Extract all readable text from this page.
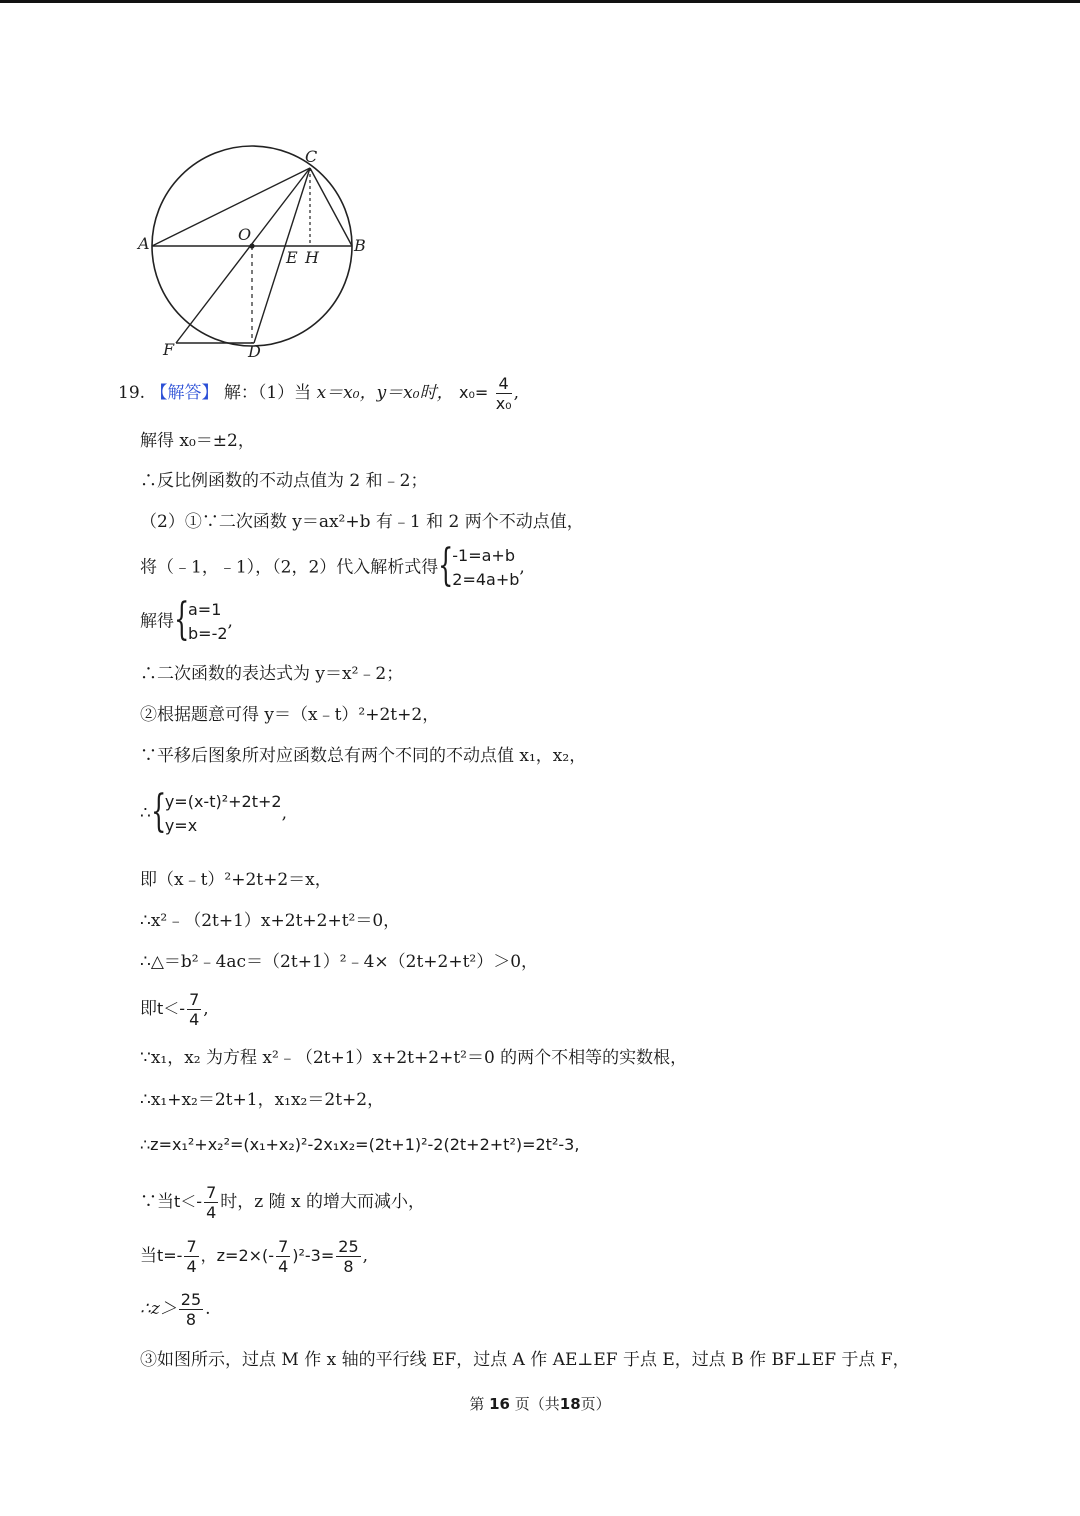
C
A	B
O
E H
F	D
19. 【解答】 解：（1）当 x＝x₀，y＝x₀时， $x_0= \frac{4}{\text{x₀}}$ ,
解得 x₀＝±2，
∴反比例函数的不动点值为 2 和﹣2；
（2）①∵二次函数 y＝ax²+b 有﹣1 和 2 两个不动点值，
将（﹣1，﹣1），（2，2）代入解析式得 {
-1=a+b
2=4a+b
,
解得 {
a=1
b=-2
,
∴二次函数的表达式为 y＝x²﹣2；
②根据题意可得 y＝（x﹣t）²+2t+2，
∵平移后图象所对应函数总有两个不同的不动点值 x₁，x₂，
∴ {
y=(x-t)²+2t+2
y=x
,
即（x﹣t）²+2t+2＝x，
∴x²﹣（2t+1）x+2t+2+t²＝0，
∴△＝b²﹣4ac＝（2t+1）²﹣4×（2t+2+t²）＞0，
即$t<- \frac{7}{4}$ ,
∵x₁，x₂ 为方程 x²﹣（2t+1）x+2t+2+t²＝0 的两个不相等的实数根，
∴x₁+x₂＝2t+1，x₁x₂＝2t+2，
∴z=x₁²+x₂²=(x₁+x₂)²-2x₁x₂=(2t+1)²-2(2t+2+t²)=2t²-3,
∵当$t<- \frac{7}{4}$ 时，z 随 x 的增大而减小，
当$t=- \frac{7}{4}$ ，$z=2\times(- \frac{7}{4} )^2-3= \frac{25}{8}$ ,
∴z＞ $\frac{25}{8}$ .
③如图所示，过点 M 作 x 轴的平行线 EF，过点 A 作 AE⊥EF 于点 E，过点 B 作 BF⊥EF 于点 F，
第 16 页（共18页）
